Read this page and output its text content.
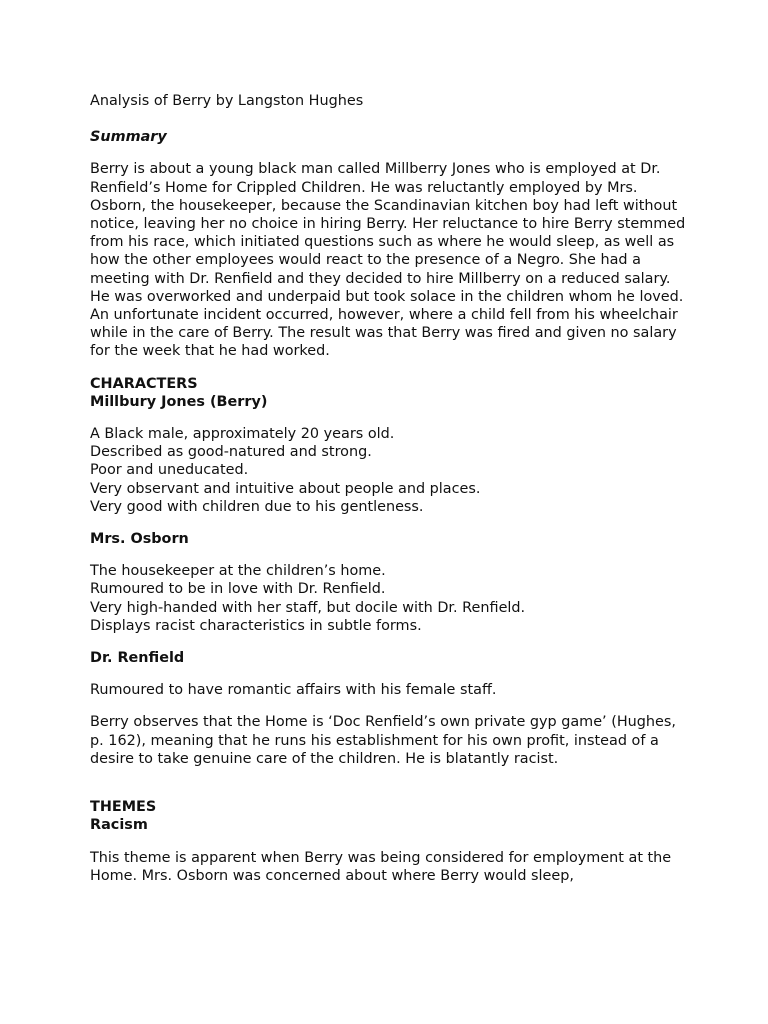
Analysis of Berry by Langston Hughes

Summary

Berry is about a young black man called Millberry Jones who is employed at Dr. Renfield’s Home for Crippled Children. He was reluctantly employed by Mrs. Osborn, the housekeeper, because the Scandinavian kitchen boy had left without notice, leaving her no choice in hiring Berry. Her reluctance to hire Berry stemmed from his race, which initiated questions such as where he would sleep, as well as how the other employees would react to the presence of a Negro. She had a meeting with Dr. Renfield and they decided to hire Millberry on a reduced salary. He was overworked and underpaid but took solace in the children whom he loved. An unfortunate incident occurred, however, where a child fell from his wheelchair while in the care of Berry. The result was that Berry was fired and given no salary for the week that he had worked.

CHARACTERS

Millbury Jones (Berry)

A Black male, approximately 20 years old.
Described as good-natured and strong.
Poor and uneducated.
Very observant and intuitive about people and places.
Very good with children due to his gentleness.

Mrs. Osborn

The housekeeper at the children’s home.
Rumoured to be in love with Dr. Renfield.
Very high-handed with her staff, but docile with Dr. Renfield.
Displays racist characteristics in subtle forms.

Dr. Renfield

Rumoured to have romantic affairs with his female staff.

Berry observes that the Home is ‘Doc Renfield’s own private gyp game’ (Hughes, p. 162), meaning that he runs his establishment for his own profit, instead of a desire to take genuine care of the children. He is blatantly racist.

THEMES

Racism

This theme is apparent when Berry was being considered for employment at the Home. Mrs. Osborn was concerned about where Berry would sleep,
